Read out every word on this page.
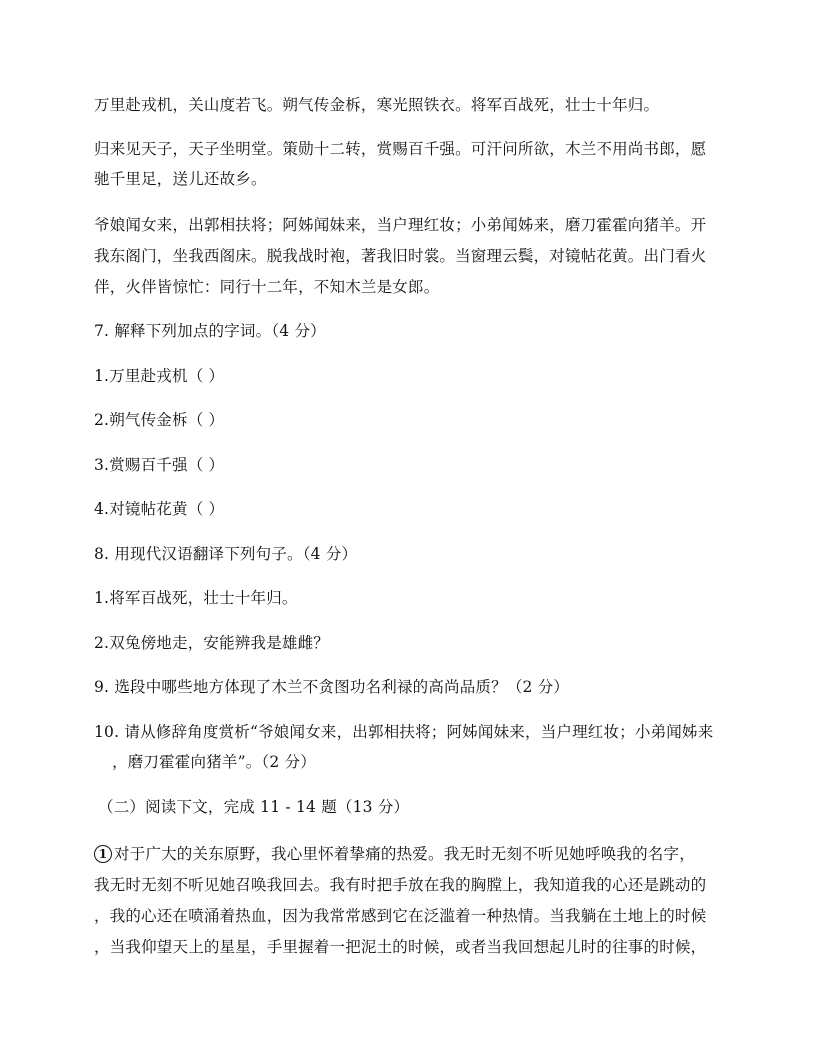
万里赴戎机，关山度若飞。朔气传金柝，寒光照铁衣。将军百战死，壮士十年归。
归来见天子，天子坐明堂。策勋十二转，赏赐百千强。可汗问所欲，木兰不用尚书郎，愿
驰千里足，送儿还故乡。
爷娘闻女来，出郭相扶将；阿姊闻妹来，当户理红妆；小弟闻姊来，磨刀霍霍向猪羊。开
我东阁门，坐我西阁床。脱我战时袍，著我旧时裳。当窗理云鬓，对镜帖花黄。出门看火
伴，火伴皆惊忙：同行十二年，不知木兰是女郎。
7. 解释下列加点的字词。（4 分）
1.万里赴戎机（ ）
2.朔气传金柝（ ）
3.赏赐百千强（ ）
4.对镜帖花黄（ ）
8. 用现代汉语翻译下列句子。（4 分）
1.将军百战死，壮士十年归。
2.双兔傍地走，安能辨我是雄雌？
9. 选段中哪些地方体现了木兰不贪图功名利禄的高尚品质？（2 分）
10. 请从修辞角度赏析“爷娘闻女来，出郭相扶将；阿姊闻妹来，当户理红妆；小弟闻姊来
，磨刀霍霍向猪羊”。（2 分）
（二）阅读下文，完成 11 - 14 题（13 分）
1 对于广大的关东原野，我心里怀着挚痛的热爱。我无时无刻不听见她呼唤我的名字，
我无时无刻不听见她召唤我回去。我有时把手放在我的胸膛上，我知道我的心还是跳动的
，我的心还在喷涌着热血，因为我常常感到它在泛滥着一种热情。当我躺在土地上的时候
，当我仰望天上的星星，手里握着一把泥土的时候，或者当我回想起儿时的往事的时候，
